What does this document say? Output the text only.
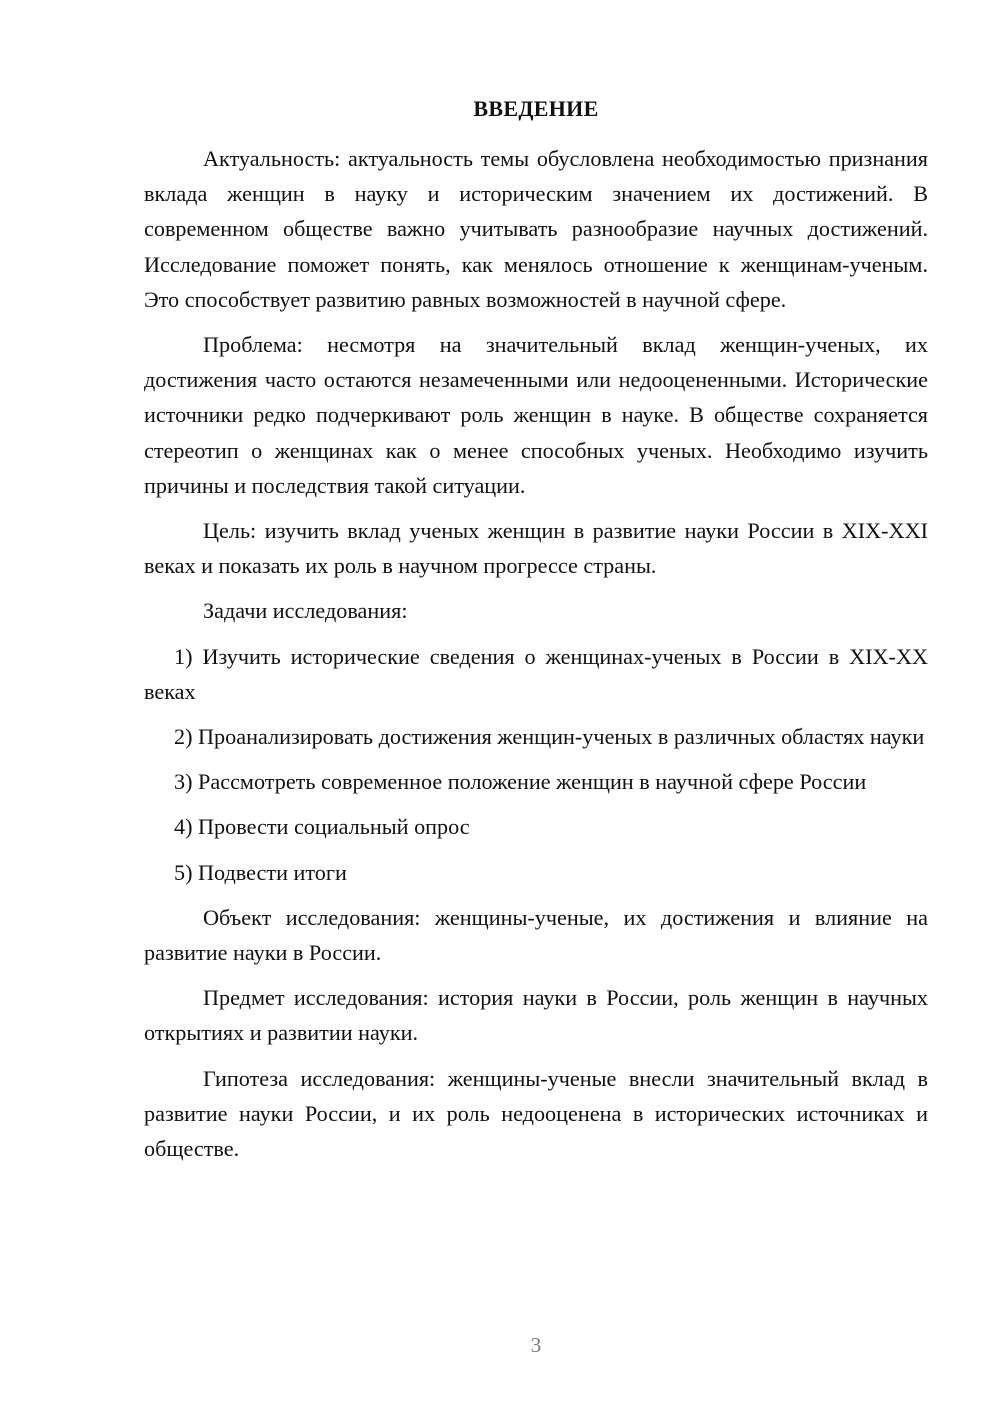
ВВЕДЕНИЕ

Актуальность: актуальность темы обусловлена необходимостью признания вклада женщин в науку и историческим значением их достижений. В современном обществе важно учитывать разнообразие научных достижений. Исследование поможет понять, как менялось отношение к женщинам-ученым. Это способствует развитию равных возможностей в научной сфере.

Проблема: несмотря на значительный вклад женщин-ученых, их достижения часто остаются незамеченными или недооцененными. Исторические источники редко подчеркивают роль женщин в науке. В обществе сохраняется стереотип о женщинах как о менее способных ученых. Необходимо изучить причины и последствия такой ситуации.

Цель: изучить вклад ученых женщин в развитие науки России в XIX-XXI веках и показать их роль в научном прогрессе страны.

Задачи исследования:

1) Изучить исторические сведения о женщинах-ученых в России в XIX-XX веках

2) Проанализировать достижения женщин-ученых в различных областях науки

3) Рассмотреть современное положение женщин в научной сфере России

4) Провести социальный опрос

5) Подвести итоги

Объект исследования: женщины-ученые, их достижения и влияние на развитие науки в России.

Предмет исследования: история науки в России, роль женщин в научных открытиях и развитии науки.

Гипотеза исследования: женщины-ученые внесли значительный вклад в развитие науки России, и их роль недооценена в исторических источниках и обществе.

3
